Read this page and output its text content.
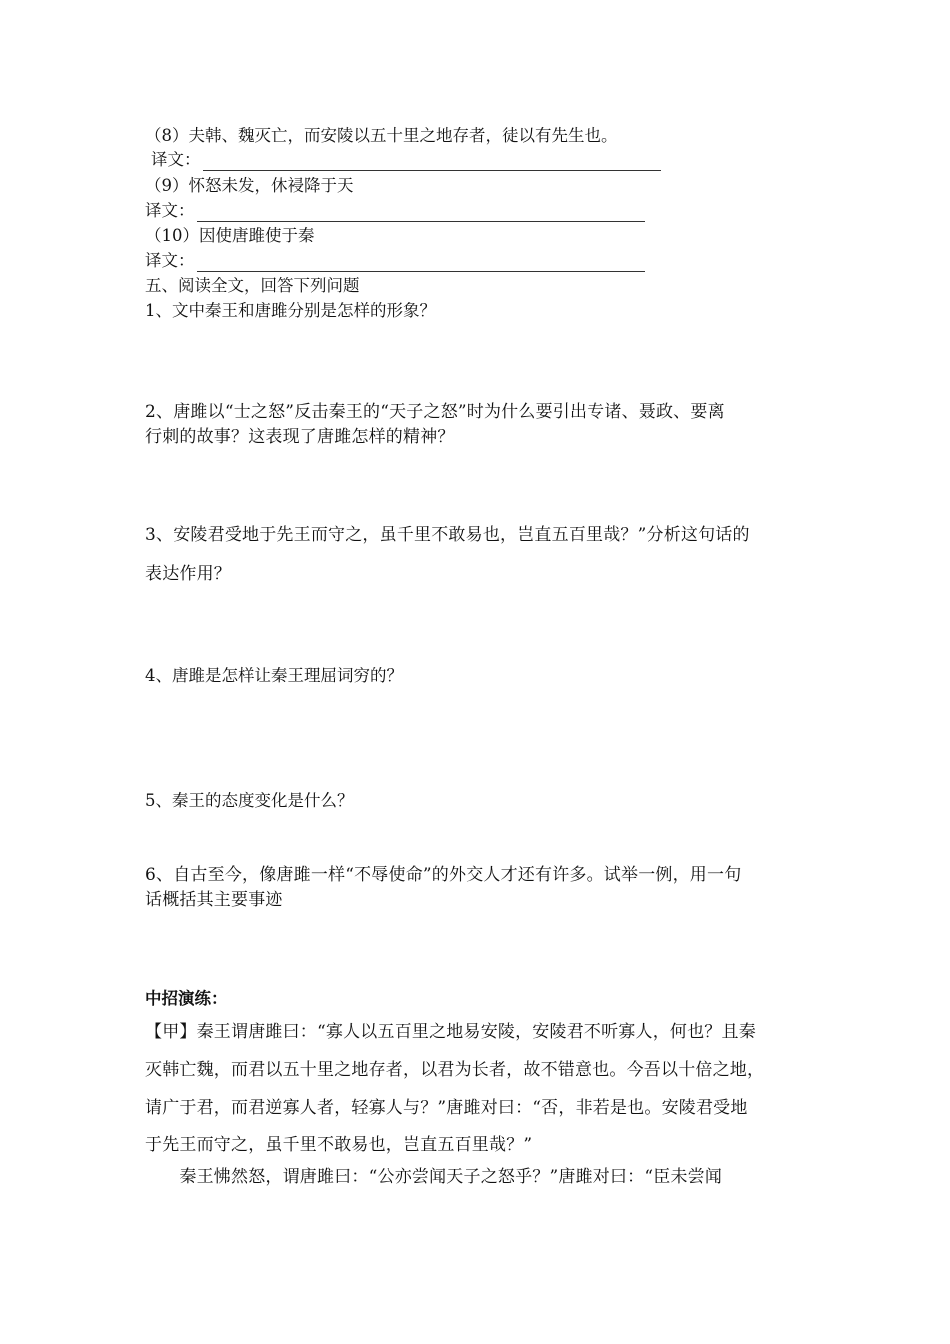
（8）夫韩、魏灭亡，而安陵以五十里之地存者，徒以有先生也。
译文：
（9）怀怒未发，休祲降于天
译文：
（10）因使唐雎使于秦
译文：
五、阅读全文，回答下列问题
1、文中秦王和唐雎分别是怎样的形象？
2、唐雎以“士之怒”反击秦王的“天子之怒”时为什么要引出专诸、聂政、要离
行刺的故事？这表现了唐雎怎样的精神？
3、安陵君受地于先王而守之，虽千里不敢易也，岂直五百里哉？”分析这句话的
表达作用？
4、唐雎是怎样让秦王理屈词穷的？
5、秦王的态度变化是什么？
6、自古至今，像唐雎一样“不辱使命”的外交人才还有许多。试举一例，用一句
话概括其主要事迹
中招演练：
【甲】秦王谓唐雎曰：“寡人以五百里之地易安陵，安陵君不听寡人，何也？且秦
灭韩亡魏，而君以五十里之地存者，以君为长者，故不错意也。今吾以十倍之地，
请广于君，而君逆寡人者，轻寡人与？”唐雎对曰：“否，非若是也。安陵君受地
于先王而守之，虽千里不敢易也，岂直五百里哉？”
　　秦王怫然怒，谓唐雎曰：“公亦尝闻天子之怒乎？”唐雎对曰：“臣未尝闻
